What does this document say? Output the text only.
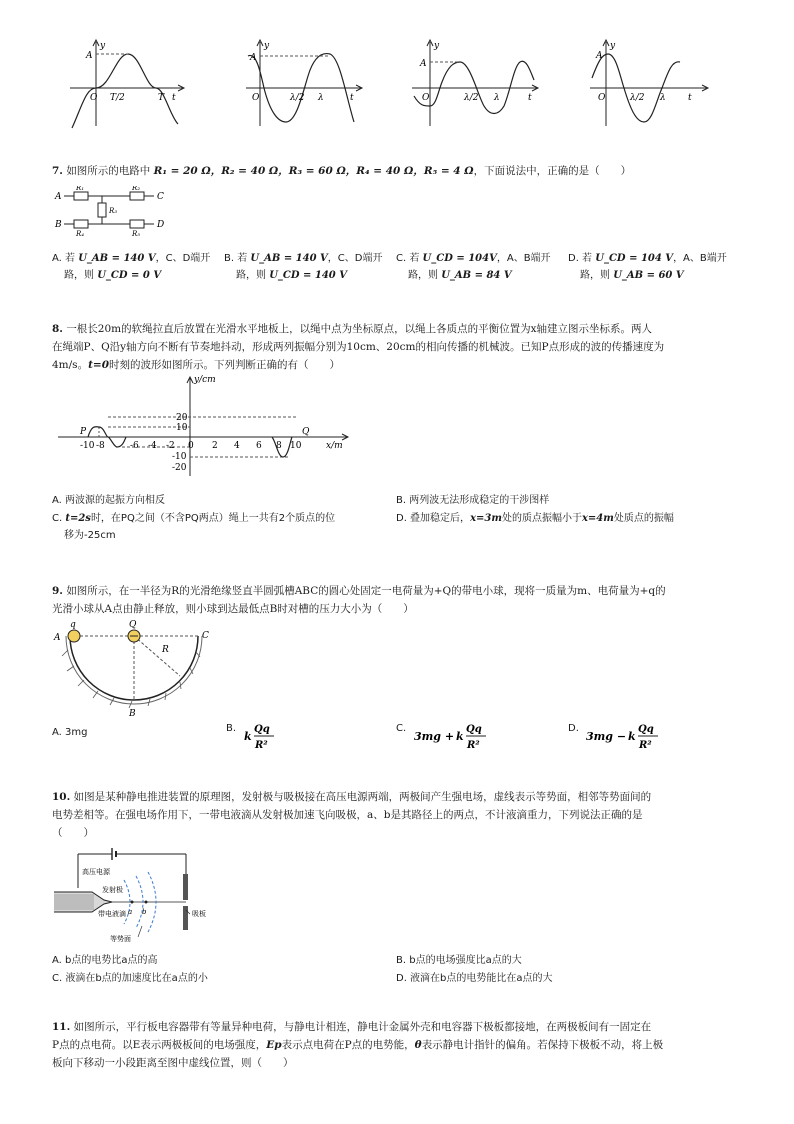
y
A
O T/2	T t
y
A
O	λ/2 λ	t
y
A
O	λ/2 λ	t
y
A
O	λ/2 λ t
7. 如图所示的电路中 R₁ = 20 Ω，R₂ = 40 Ω，R₃ = 60 Ω，R₄ = 40 Ω，R₅ = 4 Ω，下面说法中，正确的是（　　）
A
B
C
D
R₁	R₂
R₃
R₄	R₅
A. 若 U_AB = 140 V，C、D端开
路，则 U_CD = 0 V
B. 若 U_AB = 140 V，C、D端开
路，则 U_CD = 140 V
C. 若 U_CD = 104V，A、B端开
路，则 U_AB = 84 V
D. 若 U_CD = 104 V，A、B端开
路，则 U_AB = 60 V
8. 一根长20m的软绳拉直后放置在光滑水平地板上，以绳中点为坐标原点，以绳上各质点的平衡位置为x轴建立图示坐标系。两人
在绳端P、Q沿y轴方向不断有节奏地抖动，形成两列振幅分别为10cm、20cm的相向传播的机械波。已知P点形成的波的传播速度为
4m/s。t=0时刻的波形如图所示。下列判断正确的有（　　）
y/cm
x/m
P	Q
20
10
-10
-20
-10 -8	-6 -4 -2 0 2 4 6 8 10
A. 两波源的起振方向相反	B. 两列波无法形成稳定的干涉图样
C. t=2s时，在PQ之间（不含PQ两点）绳上一共有2个质点的位
移为-25cm
D. 叠加稳定后，x=3m处的质点振幅小于x=4m处质点的振幅
9. 如图所示，在一半径为R的光滑绝缘竖直半圆弧槽ABC的圆心处固定一电荷量为+Q的带电小球，现将一质量为m、电荷量为+q的
光滑小球从A点由静止释放，则小球到达最低点B时对槽的压力大小为（　　）
A
q	Q
C
R
B
A. 3mg	B.
k
Qq
R²
C.
3mg + k
Qq
R²
D.
3mg − k
Qq
R²
10. 如图是某种静电推进装置的原理图，发射极与吸极接在高压电源两端，两极间产生强电场，虚线表示等势面，相邻等势面间的
电势差相等。在强电场作用下，一带电液滴从发射极加速飞向吸极，a、b是其路径上的两点，不计液滴重力，下列说法正确的是
（　　）
高压电源
发射极
带电液滴
等势面
吸板
a b
A. b点的电势比a点的高	B. b点的电场强度比a点的大
C. 液滴在b点的加速度比在a点的小	D. 液滴在b点的电势能比在a点的大
11. 如图所示，平行板电容器带有等量异种电荷，与静电计相连，静电计金属外壳和电容器下极板都接地，在两极板间有一固定在
P点的点电荷。以E表示两极板间的电场强度，Ep表示点电荷在P点的电势能，θ表示静电计指针的偏角。若保持下极板不动，将上极
板向下移动一小段距离至图中虚线位置，则（　　）
